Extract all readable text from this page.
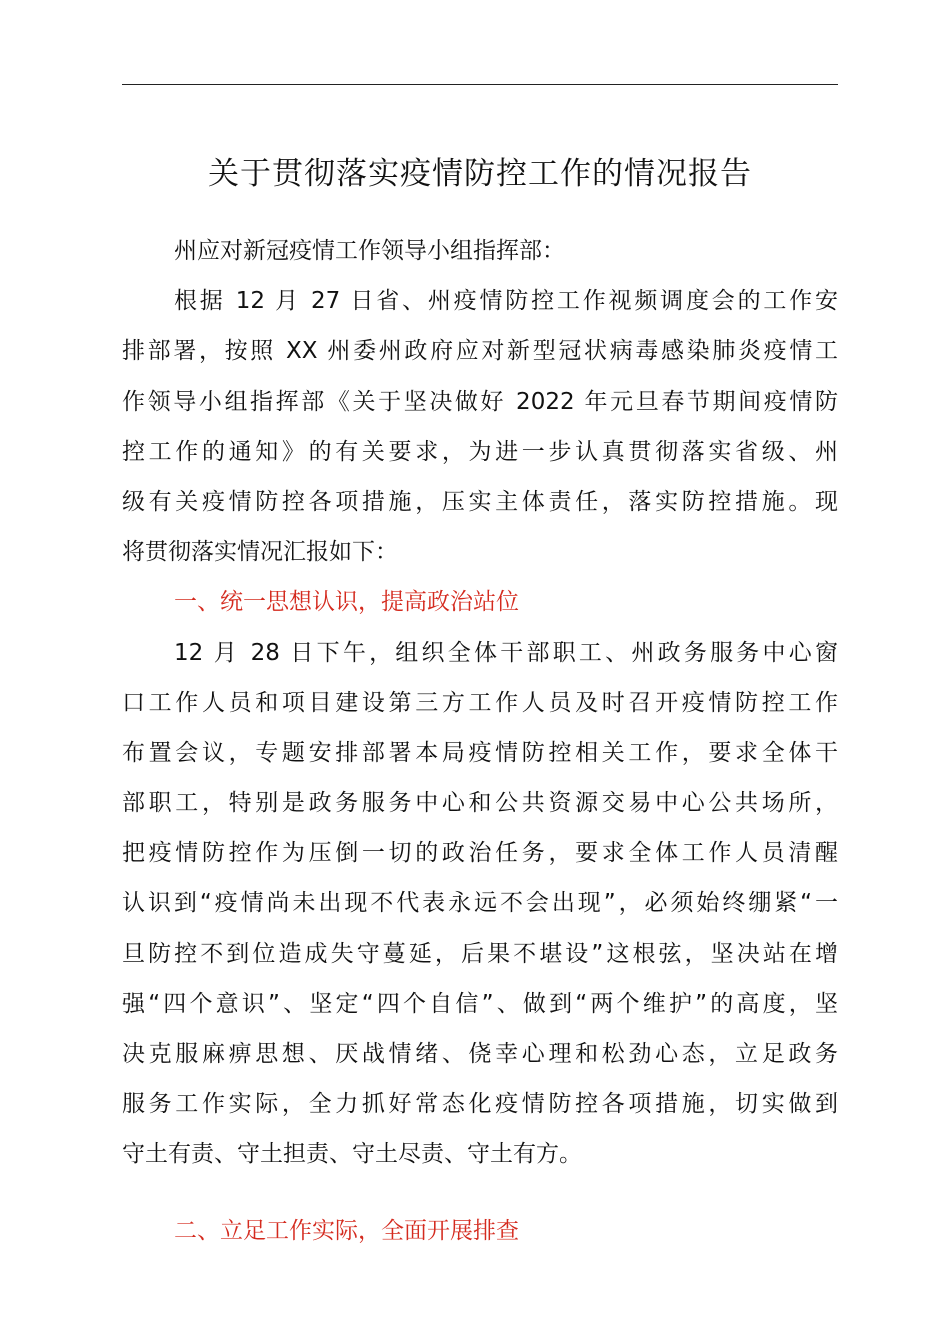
关于贯彻落实疫情防控工作的情况报告
州应对新冠疫情工作领导小组指挥部：
根据 12 月 27 日省、州疫情防控工作视频调度会的工作安
排部署，按照 XX 州委州政府应对新型冠状病毒感染肺炎疫情工
作领导小组指挥部《关于坚决做好 2022 年元旦春节期间疫情防
控工作的通知》的有关要求，为进一步认真贯彻落实省级、州
级有关疫情防控各项措施，压实主体责任，落实防控措施。现
将贯彻落实情况汇报如下：
一、统一思想认识，提高政治站位
12 月 28 日下午，组织全体干部职工、州政务服务中心窗
口工作人员和项目建设第三方工作人员及时召开疫情防控工作
布置会议，专题安排部署本局疫情防控相关工作，要求全体干
部职工，特别是政务服务中心和公共资源交易中心公共场所，
把疫情防控作为压倒一切的政治任务，要求全体工作人员清醒
认识到“疫情尚未出现不代表永远不会出现”，必须始终绷紧“一
旦防控不到位造成失守蔓延，后果不堪设”这根弦，坚决站在增
强“四个意识”、坚定“四个自信”、做到“两个维护”的高度，坚
决克服麻痹思想、厌战情绪、侥幸心理和松劲心态，立足政务
服务工作实际，全力抓好常态化疫情防控各项措施，切实做到
守土有责、守土担责、守土尽责、守土有方。
二、立足工作实际，全面开展排查
